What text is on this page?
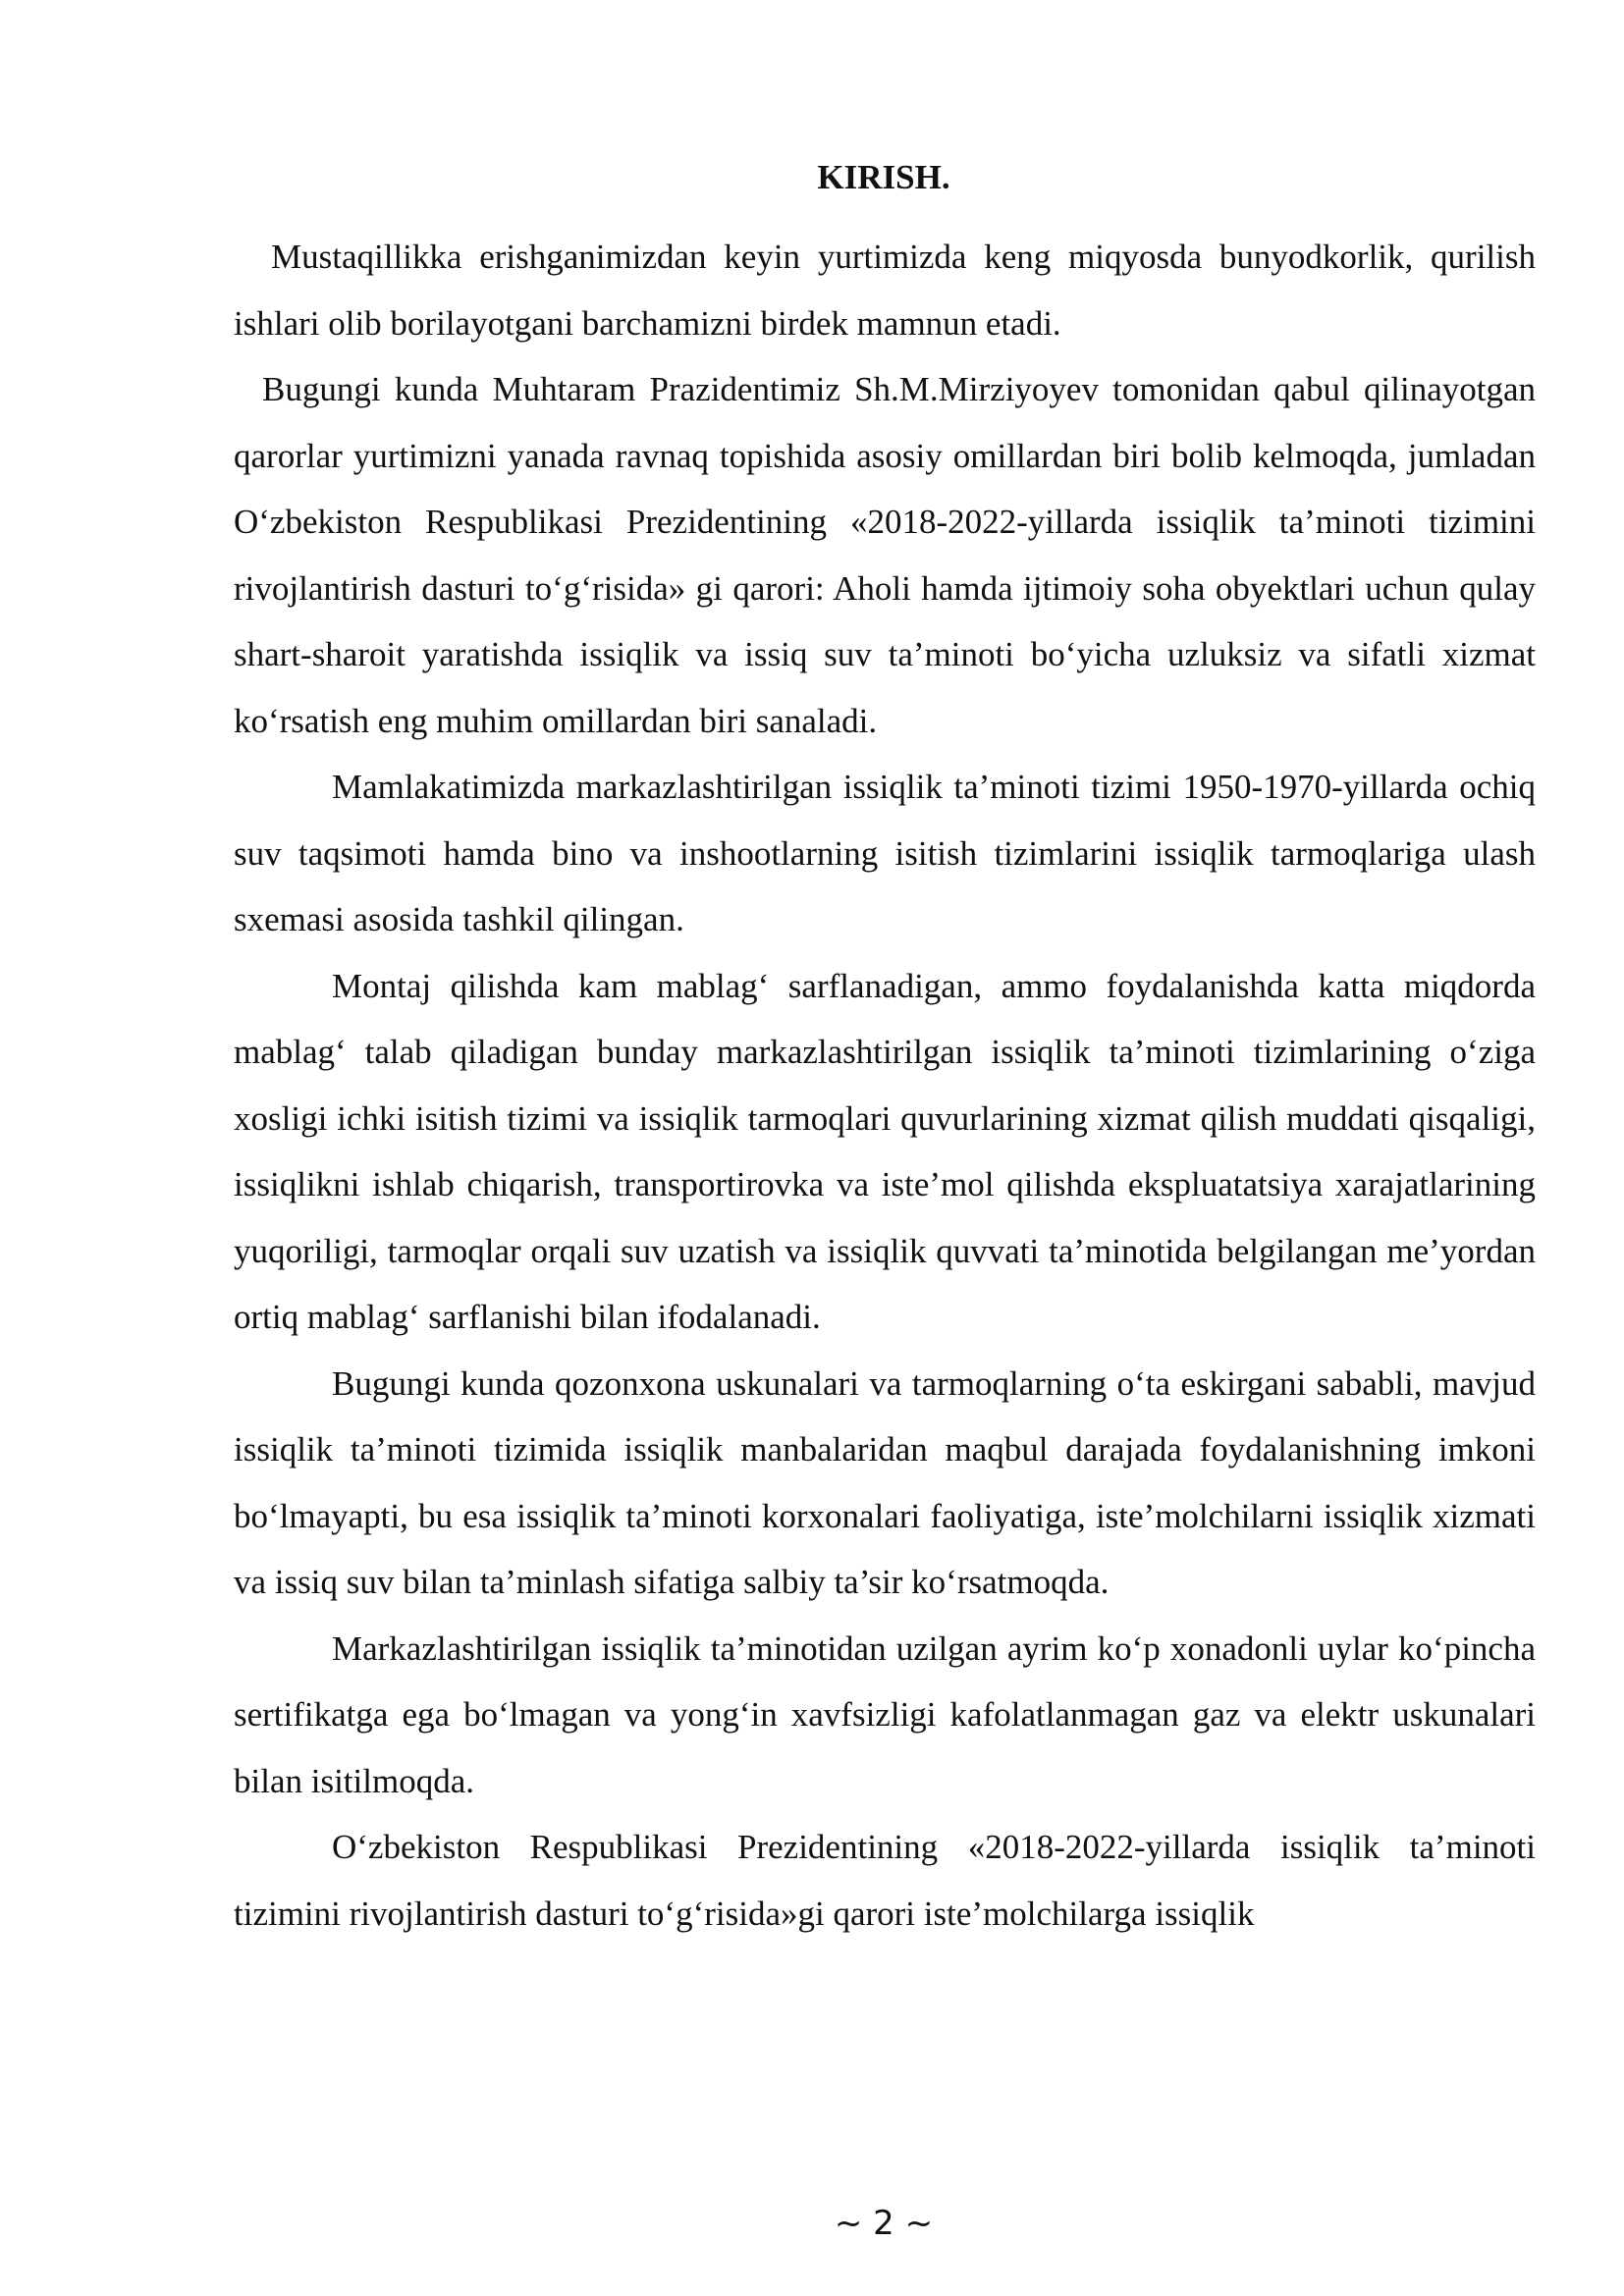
KIRISH.

Mustaqillikka erishganimizdan keyin yurtimizda keng miqyosda bunyodkorlik, qurilish ishlari olib borilayotgani barchamizni birdek mamnun etadi.

Bugungi kunda Muhtaram Prazidentimiz Sh.M.Mirziyoyev tomonidan qabul qilinayotgan qarorlar yurtimizni yanada ravnaq topishida asosiy omillardan biri bolib kelmoqda, jumladan O‘zbekiston Respublikasi Prezidentining «2018-2022-yillarda issiqlik ta’minoti tizimini rivojlantirish dasturi to‘g‘risida» gi qarori: Aholi hamda ijtimoiy soha obyektlari uchun qulay shart-sharoit yaratishda issiqlik va issiq suv ta’minoti bo‘yicha uzluksiz va sifatli xizmat ko‘rsatish eng muhim omillardan biri sanaladi.

Mamlakatimizda markazlashtirilgan issiqlik ta’minoti tizimi 1950-1970-yillarda ochiq suv taqsimoti hamda bino va inshootlarning isitish tizimlarini issiqlik tarmoqlariga ulash sxemasi asosida tashkil qilingan.

Montaj qilishda kam mablag‘ sarflanadigan, ammo foydalanishda katta miqdorda mablag‘ talab qiladigan bunday markazlashtirilgan issiqlik ta’minoti tizimlarining o‘ziga xosligi ichki isitish tizimi va issiqlik tarmoqlari quvurlarining xizmat qilish muddati qisqaligi, issiqlikni ishlab chiqarish, transportirovka va iste’mol qilishda ekspluatatsiya xarajatlarining yuqoriligi, tarmoqlar orqali suv uzatish va issiqlik quvvati ta’minotida belgilangan me’yordan ortiq mablag‘ sarflanishi bilan ifodalanadi.

Bugungi kunda qozonxona uskunalari va tarmoqlarning o‘ta eskirgani sababli, mavjud issiqlik ta’minoti tizimida issiqlik manbalaridan maqbul darajada foydalanishning imkoni bo‘lmayapti, bu esa issiqlik ta’minoti korxonalari faoliyatiga, iste’molchilarni issiqlik xizmati va issiq suv bilan ta’minlash sifatiga salbiy ta’sir ko‘rsatmoqda.

Markazlashtirilgan issiqlik ta’minotidan uzilgan ayrim ko‘p xonadonli uylar ko‘pincha sertifikatga ega bo‘lmagan va yong‘in xavfsizligi kafolatlanmagan gaz va elektr uskunalari bilan isitilmoqda.

O‘zbekiston Respublikasi Prezidentining «2018-2022-yillarda issiqlik ta’minoti tizimini rivojlantirish dasturi to‘g‘risida»gi qarori iste’molchilarga issiqlik

~ 2 ~
